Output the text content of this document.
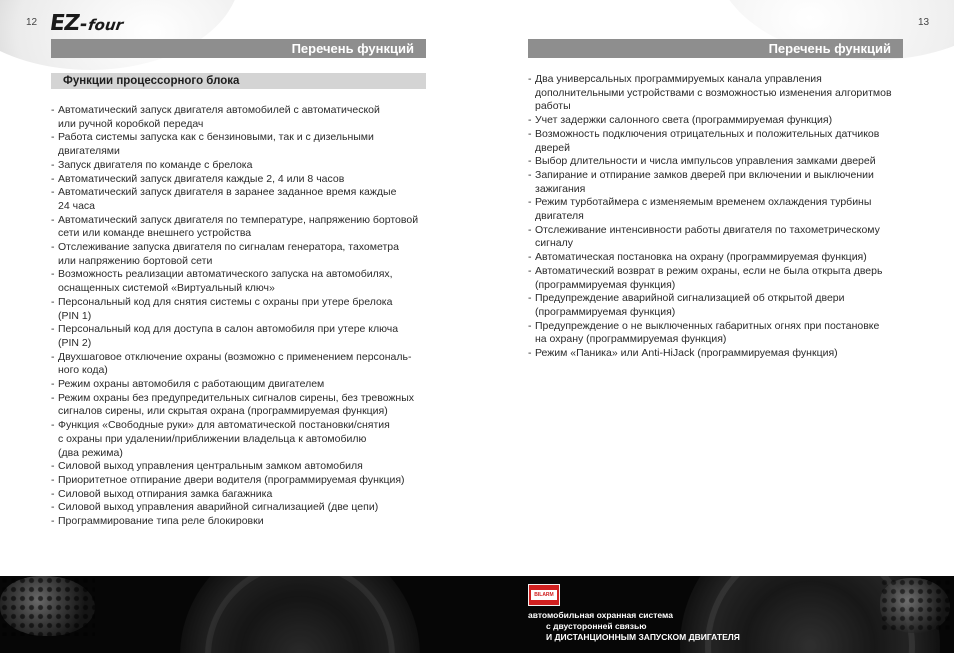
12	13
EZ
-
four
Перечень функций
Функции процессорного блока
- Автоматический запуск двигателя автомобилей с автоматической
или ручной коробкой передач
- Работа системы запуска как с бензиновыми, так и с дизельными
двигателями
- Запуск двигателя по команде с брелока
- Автоматический запуск двигателя каждые 2, 4 или 8 часов
- Автоматический запуск двигателя в заранее заданное время каждые
24 часа
- Автоматический запуск двигателя по температуре, напряжению бортовой
сети или команде внешнего устройства
- Отслеживание запуска двигателя по сигналам генератора, тахометра
или напряжению бортовой сети
- Возможность реализации автоматического запуска на автомобилях,
оснащенных системой «Виртуальный ключ»
- Персональный код для снятия системы с охраны при утере брелока
(PIN 1)
- Персональный код для доступа в салон автомобиля при утере ключа
(PIN 2)
- Двухшаговое отключение охраны (возможно с применением персональ-
ного кода)
- Режим охраны автомобиля с работающим двигателем
- Режим охраны без предупредительных сигналов сирены, без тревожных
сигналов сирены, или скрытая охрана (программируемая функция)
- Функция «Свободные руки» для автоматической постановки/снятия
с охраны при удалении/приближении владельца к автомобилю
(два режима)
- Силовой выход управления центральным замком автомобиля
- Приоритетное отпирание двери водителя (программируемая функция)
- Силовой выход отпирания замка багажника
- Силовой выход управления аварийной сигнализацией (две цепи)
- Программирование типа реле блокировки
Перечень функций
- Два универсальных программируемых канала управления
дополнительными устройствами с возможностью изменения алгоритмов
работы
- Учет задержки салонного света (программируемая функция)
- Возможность подключения отрицательных и положительных датчиков
дверей
- Выбор длительности и числа импульсов управления замками дверей
- Запирание и отпирание замков дверей при включении и выключении
зажигания
- Режим турботаймера с изменяемым временем охлаждения турбины
двигателя
- Отслеживание интенсивности работы двигателя по тахометрическому
сигналу
- Автоматическая постановка на охрану (программируемая функция)
- Автоматический возврат в режим охраны, если не была открыта дверь
(программируемая функция)
- Предупреждение аварийной сигнализацией об открытой двери
(программируемая функция)
- Предупреждение о не выключенных габаритных огнях при постановке
на охрану (программируемая функция)
- Режим «Паника» или Anti-HiJack (программируемая функция)
BILARM
автомобильная охранная система
с двусторонней связью
И ДИСТАНЦИОННЫМ ЗАПУСКОМ ДВИГАТЕЛЯ
